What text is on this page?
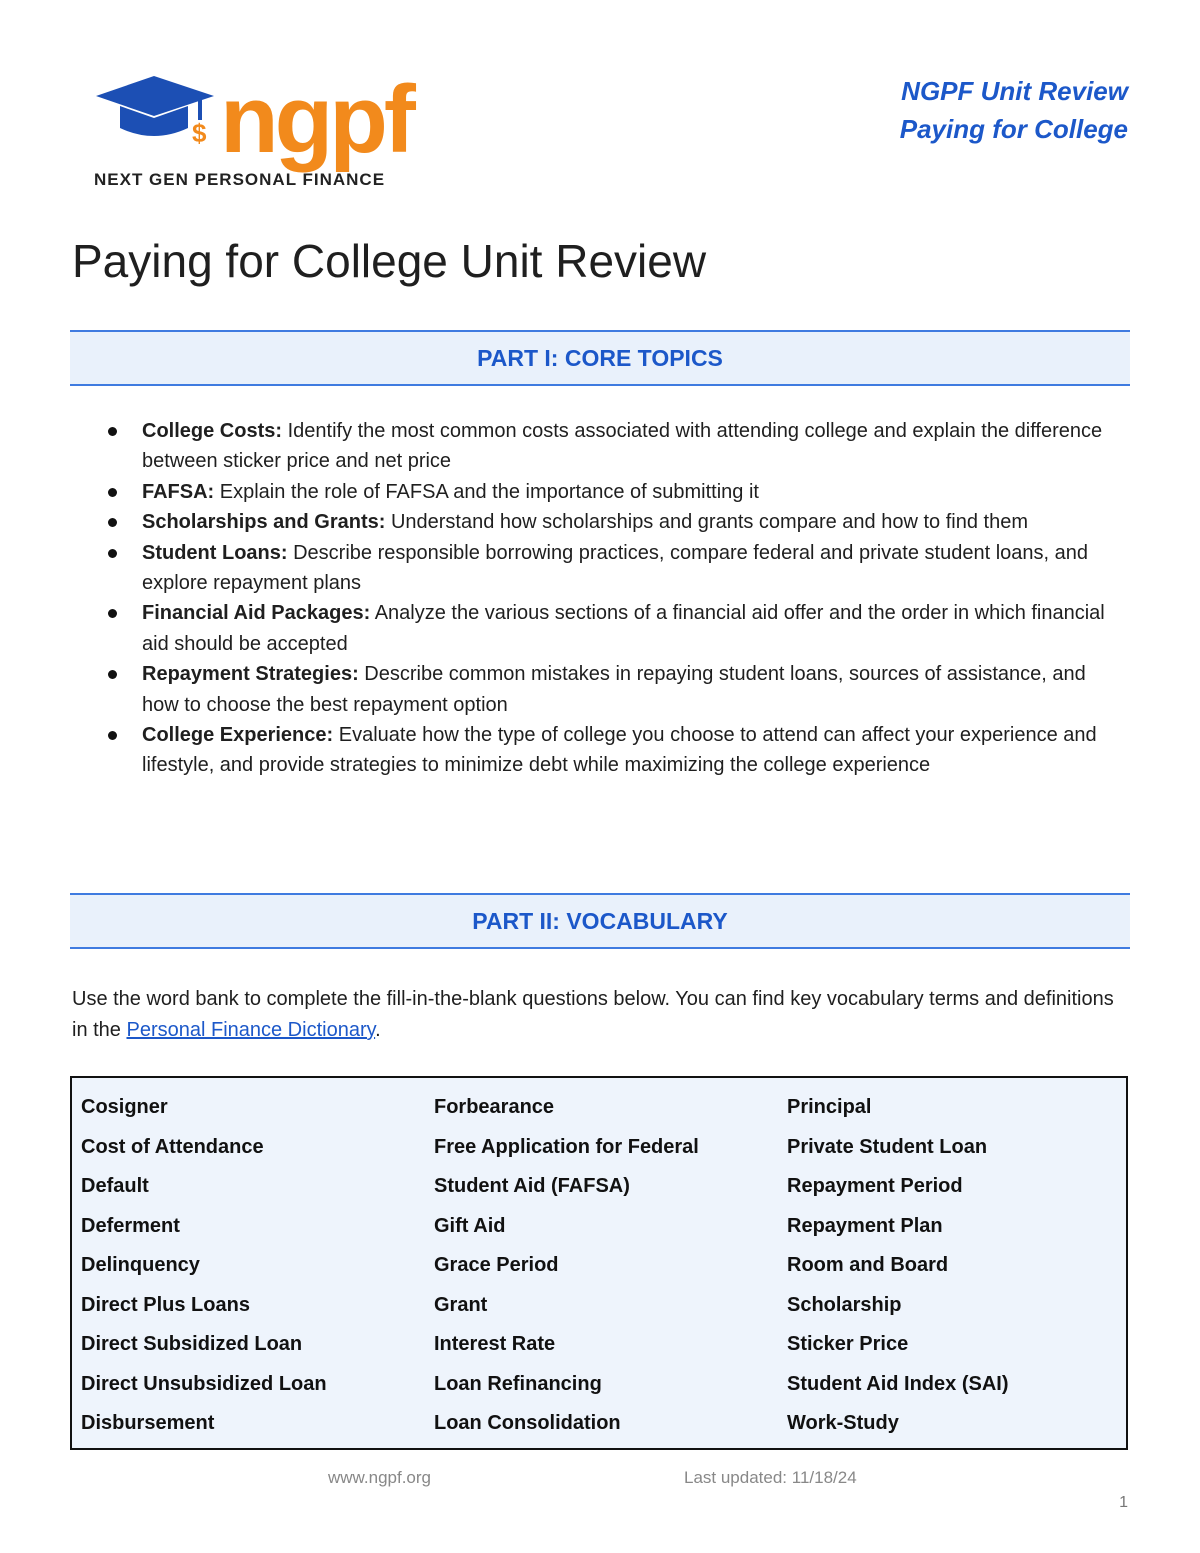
$ ngpf
NEXT GEN PERSONAL FINANCE
NGPF Unit Review
Paying for College
Paying for College Unit Review
PART I: CORE TOPICS
College Costs: Identify the most common costs associated with attending college and explain the difference between sticker price and net price
FAFSA: Explain the role of FAFSA and the importance of submitting it
Scholarships and Grants: Understand how scholarships and grants compare and how to find them
Student Loans: Describe responsible borrowing practices, compare federal and private student loans, and explore repayment plans
Financial Aid Packages: Analyze the various sections of a financial aid offer and the order in which financial aid should be accepted
Repayment Strategies: Describe common mistakes in repaying student loans, sources of assistance, and how to choose the best repayment option
College Experience: Evaluate how the type of college you choose to attend can affect your experience and lifestyle, and provide strategies to minimize debt while maximizing the college experience
PART II: VOCABULARY
Use the word bank to complete the fill-in-the-blank questions below. You can find key vocabulary terms and definitions in the Personal Finance Dictionary.
Cosigner
Cost of Attendance
Default
Deferment
Delinquency
Direct Plus Loans
Direct Subsidized Loan
Direct Unsubsidized Loan
Disbursement
Forbearance
Free Application for Federal
Student Aid (FAFSA)
Gift Aid
Grace Period
Grant
Interest Rate
Loan Refinancing
Loan Consolidation
Principal
Private Student Loan
Repayment Period
Repayment Plan
Room and Board
Scholarship
Sticker Price
Student Aid Index (SAI)
Work-Study
www.ngpf.org	Last updated: 11/18/24
1
